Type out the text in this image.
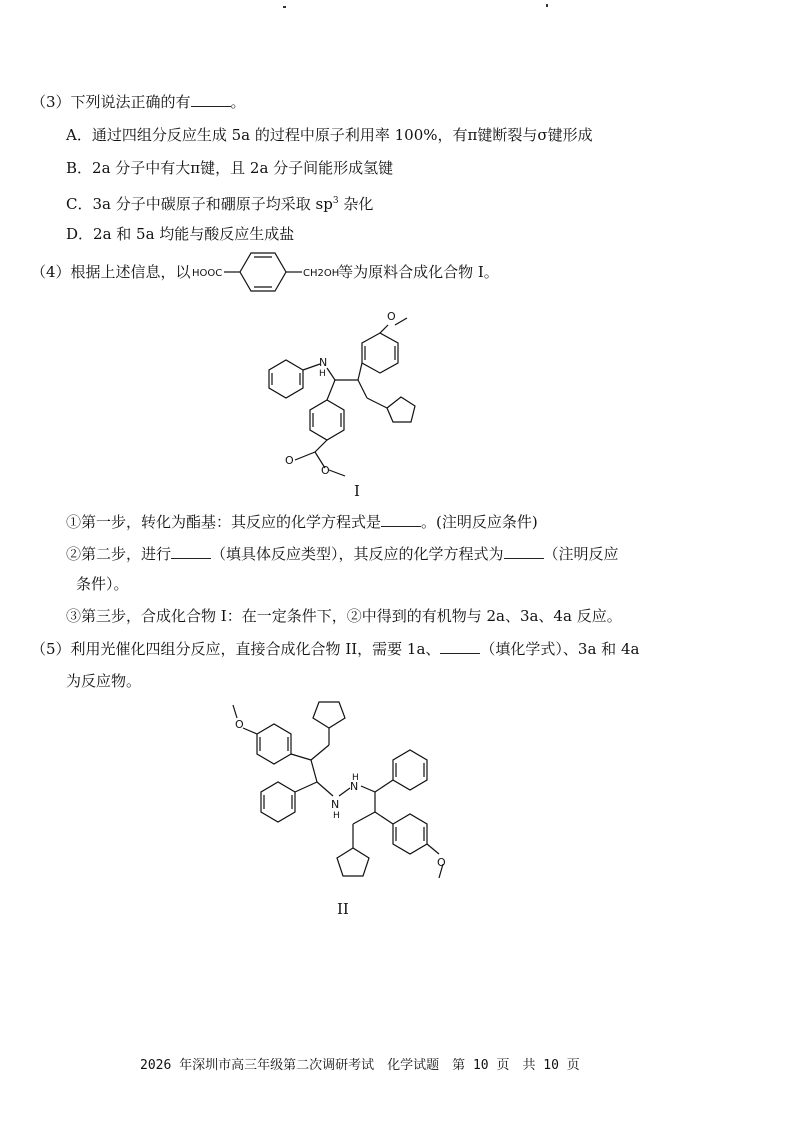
（3）下列说法正确的有	。
A．通过四组分反应生成 5a 的过程中原子利用率 100%，有π键断裂与σ键形成
B．2a 分子中有大π键，且 2a 分子间能形成氢键
C．3a 分子中碳原子和硼原子均采取 $sp^3$ 杂化
D．2a 和 5a 均能与酸反应生成盐
（4）根据上述信息，以	等为原料合成化合物 I。
HOOC	CH2OH
O
N
H
O
O
I
①第一步，转化为酯基：其反应的化学方程式是	。(注明反应条件)
②第二步，进行	（填具体反应类型），其反应的化学方程式为	（注明反应
条件）。
③第三步，合成化合物 I：在一定条件下，②中得到的有机物与 2a、3a、4a 反应。
（5）利用光催化四组分反应，直接合成化合物 II，需要 1a、	（填化学式）、3a 和 4a
为反应物。
O
N
H
N
H
O
II
2026 年深圳市高三年级第二次调研考试　化学试题　第 10 页　共 10 页
